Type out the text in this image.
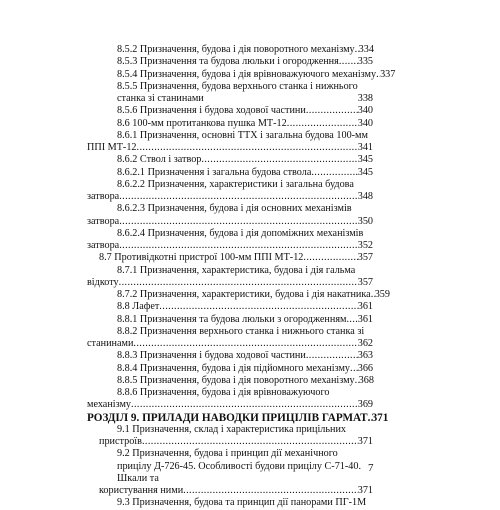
8.5.2 Призначення, будова і дія поворотного механізму ..... 334
8.5.3 Призначення та будова люльки і огородження ..... 335
8.5.4 Призначення, будова і дія врівноважуючого механізму ..... 337
8.5.5 Призначення, будова верхнього станка і нижнього станка зі станинами	338
8.5.6 Призначення і будова ходової частини .....	340
8.6 100-мм протитанкова пушка МТ-12 .....	340
8.6.1 Призначення, основні ТТХ і загальна будова 100-мм
ППІ МТ-12 .....	341
8.6.2 Ствол і затвор .....	345
8.6.2.1 Призначення і загальна будова ствола .....	345
8.6.2.2 Призначення, характеристики і загальна будова
затвора .....	348
8.6.2.3 Призначення, будова і дія основних механізмів
затвора .....	350
8.6.2.4 Призначення, будова і дія допоміжних механізмів
затвора .....	352
8.7 Противідкотні пристрої 100-мм ППІ МТ-12 .....	357
8.7.1 Призначення, характеристика, будова і дія гальма
відкоту .....	357
8.7.2 Призначення, характеристики, будова і дія накатника ..... 359
8.8 Лафет .....	361
8.8.1 Призначення та будова люльки з огородженням ..... 361
8.8.2 Призначення верхнього станка і нижнього станка зі
станинами .....	362
8.8.3 Призначення і будова ходової частини .....	363
8.8.4 Призначення, будова і дія підйомного механізму ..... 366
8.8.5 Призначення, будова і дія поворотного механізму ..... 368
8.8.6 Призначення, будова і дія врівноважуючого
механізму .....	369
РОЗДІЛ 9. ПРИЛАДИ НАВОДКИ ПРИЦІЛІВ ГАРМАТ ..... 371
9.1 Призначення, склад і характеристика прицільних
пристроїв .....	371
9.2 Призначення, будова і принцип дії механічного прицілу Д-726-45. Особливості будови прицілу С-71-40. Шкали та
користування ними .....	371
9.3 Призначення, будова та принцип дії панорами ПГ-1М
7
